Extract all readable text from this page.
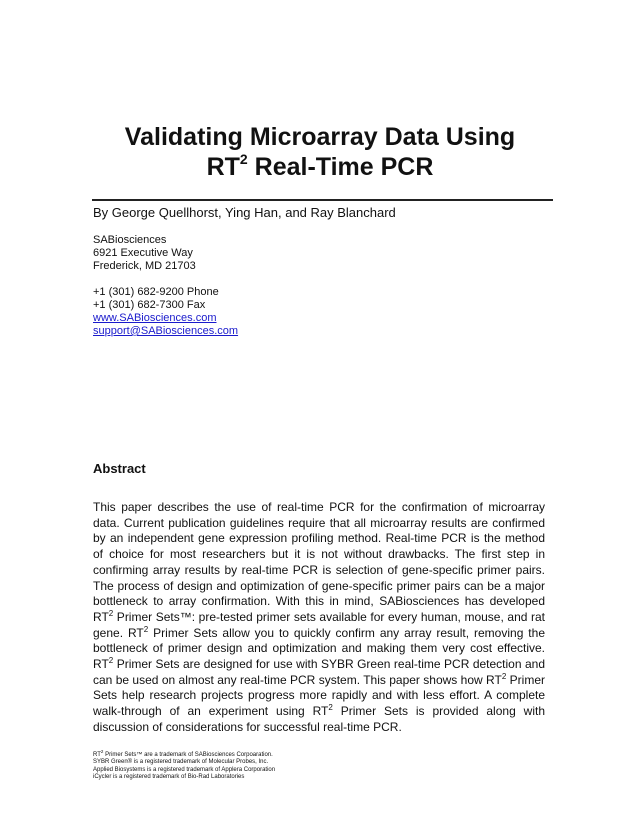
Validating Microarray Data Using
$RT^2$ Real-Time PCR

By George Quellhorst, Ying Han, and Ray Blanchard

SABiosciences
6921 Executive Way
Frederick, MD 21703
+1 (301) 682-9200 Phone
+1 (301) 682-7300 Fax
www.SABiosciences.com
support@SABiosciences.com
Abstract

This paper describes the use of real-time PCR for the confirmation of microarray data. Current publication guidelines require that all microarray results are confirmed by an independent gene expression profiling method. Real-time PCR is the method of choice for most researchers but it is not without drawbacks. The first step in confirming array results by real-time PCR is selection of gene-specific primer pairs. The process of design and optimization of gene-specific primer pairs can be a major bottleneck to array confirmation. With this in mind, SABiosciences has developed $RT^2$ Primer Sets™: pre-tested primer sets available for every human, mouse, and rat gene. $RT^2$ Primer Sets allow you to quickly confirm any array result, removing the bottleneck of primer design and optimization and making them very cost effective. $RT^2$ Primer Sets are designed for use with SYBR Green real-time PCR detection and can be used on almost any real-time PCR system. This paper shows how $RT^2$ Primer Sets help research projects progress more rapidly and with less effort. A complete walk-through of an experiment using $RT^2$ Primer Sets is provided along with discussion of considerations for successful real-time PCR.

$RT^2$ Primer Sets™ are a trademark of SABiosciences Corpoaration.
SYBR Green® is a registered trademark of Molecular Probes, Inc.
Applied Biosystems is a registered trademark of Applera Corporation
iCycler is a registered trademark of Bio-Rad Laboratories
